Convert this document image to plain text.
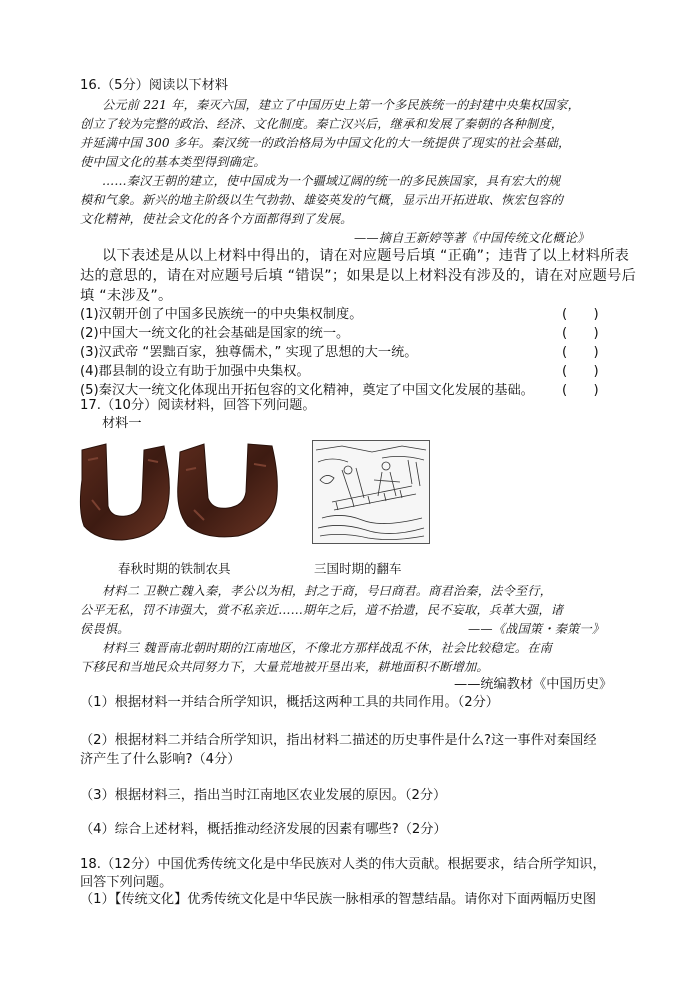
16.（5分）阅读以下材料
公元前 221 年，秦灭六国，建立了中国历史上第一个多民族统一的封建中央集权国家，
创立了较为完整的政治、经济、文化制度。秦亡汉兴后，继承和发展了秦朝的各种制度，
并延满中国 300 多年。秦汉统一的政治格局为中国文化的大一统提供了现实的社会基础，
使中国文化的基本类型得到确定。
……秦汉王朝的建立，使中国成为一个疆域辽阔的统一的多民族国家，具有宏大的规
模和气象。新兴的地主阶级以生气勃勃、雄姿英发的气概，显示出开拓进取、恢宏包容的
文化精神，使社会文化的各个方面都得到了发展。
——摘自王新婷等著《中国传统文化概论》
以下表述是从以上材料中得出的，请在对应题号后填 “正确”；违背了以上材料所表
达的意思的，请在对应题号后填 “错误”；如果是以上材料没有涉及的，请在对应题号后
填 “未涉及”。
(1)汉朝开创了中国多民族统一的中央集权制度。
(2)中国大一统文化的社会基础是国家的统一。
(3)汉武帝 “罢黜百家，独尊儒术，” 实现了思想的大一统。
(4)郡县制的设立有助于加强中央集权。
(5)秦汉大一统文化体现出开拓包容的文化精神，奠定了中国文化发展的基础。
(　　)
(　　)
(　　)
(　　)
(　　)
17.（10分）阅读材料，回答下列问题。
材料一
春秋时期的铁制农具	三国时期的翻车
材料二 卫鞅亡魏入秦，孝公以为相，封之于商，号曰商君。商君治秦，法令至行，
公平无私，罚不讳强大，赏不私亲近……期年之后，道不拾遗，民不妄取，兵革大强，诸
侯畏惧。	——《战国策・秦策一》
材料三 魏晋南北朝时期的江南地区，不像北方那样战乱不休，社会比较稳定。在南
下移民和当地民众共同努力下，大量荒地被开垦出来，耕地面积不断增加。
——统编教材《中国历史》
（1）根据材料一并结合所学知识，概括这两种工具的共同作用。（2分）
（2）根据材料二并结合所学知识，指出材料二描述的历史事件是什么?这一事件对秦国经
济产生了什么影响?（4分）
（3）根据材料三，指出当时江南地区农业发展的原因。（2分）
（4）综合上述材料，概括推动经济发展的因素有哪些?（2分）
18.（12分）中国优秀传统文化是中华民族对人类的伟大贡献。根据要求，结合所学知识，
回答下列问题。
（1）【传统文化】优秀传统文化是中华民族一脉相承的智慧结晶。请你对下面两幅历史图
